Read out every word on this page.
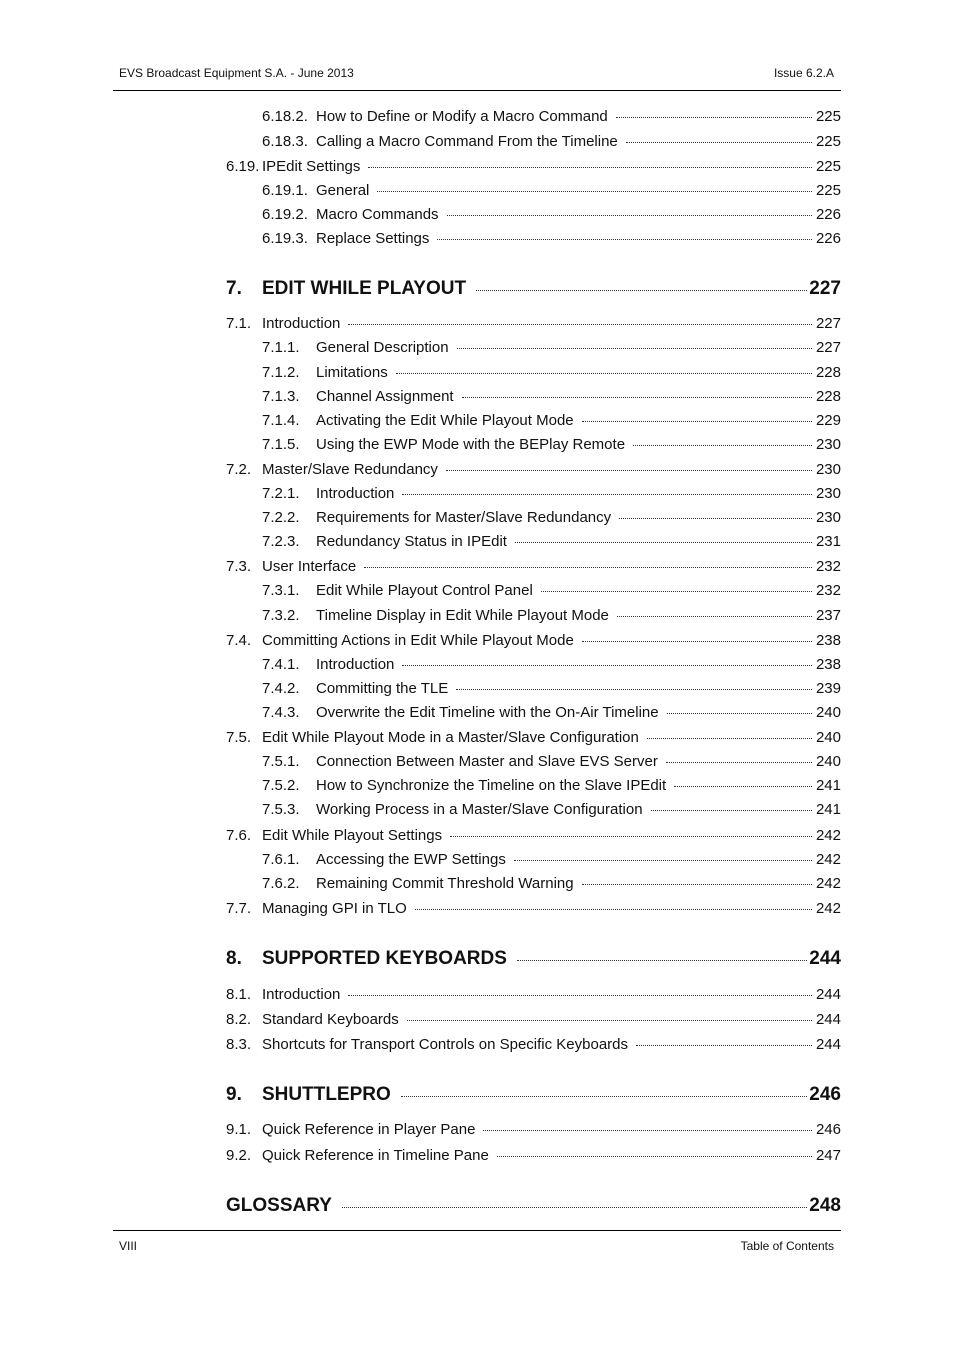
EVS Broadcast Equipment S.A. - June 2013	Issue 6.2.A
6.18.2. How to Define or Modify a Macro Command	225
6.18.3. Calling a Macro Command From the Timeline	225
6.19. IPEdit Settings	225
6.19.1. General	225
6.19.2. Macro Commands	226
6.19.3. Replace Settings	226
7.	EDIT WHILE PLAYOUT	227
7.1. Introduction	227
7.1.1.	General Description	227
7.1.2.	Limitations	228
7.1.3.	Channel Assignment	228
7.1.4.	Activating the Edit While Playout Mode	229
7.1.5.	Using the EWP Mode with the BEPlay Remote	230
7.2. Master/Slave Redundancy	230
7.2.1.	Introduction	230
7.2.2.	Requirements for Master/Slave Redundancy	230
7.2.3.	Redundancy Status in IPEdit	231
7.3. User Interface	232
7.3.1.	Edit While Playout Control Panel	232
7.3.2.	Timeline Display in Edit While Playout Mode	237
7.4. Committing Actions in Edit While Playout Mode	238
7.4.1.	Introduction	238
7.4.2.	Committing the TLE	239
7.4.3.	Overwrite the Edit Timeline with the On-Air Timeline	240
7.5. Edit While Playout Mode in a Master/Slave Configuration	240
7.5.1.	Connection Between Master and Slave EVS Server	240
7.5.2.	How to Synchronize the Timeline on the Slave IPEdit	241
7.5.3.	Working Process in a Master/Slave Configuration	241
7.6. Edit While Playout Settings	242
7.6.1.	Accessing the EWP Settings	242
7.6.2.	Remaining Commit Threshold Warning	242
7.7. Managing GPI in TLO	242
8.	SUPPORTED KEYBOARDS	244
8.1. Introduction	244
8.2. Standard Keyboards	244
8.3. Shortcuts for Transport Controls on Specific Keyboards	244
9.	SHUTTLEPRO	246
9.1. Quick Reference in Player Pane	246
9.2. Quick Reference in Timeline Pane	247
GLOSSARY	248
VIII	Table of Contents
